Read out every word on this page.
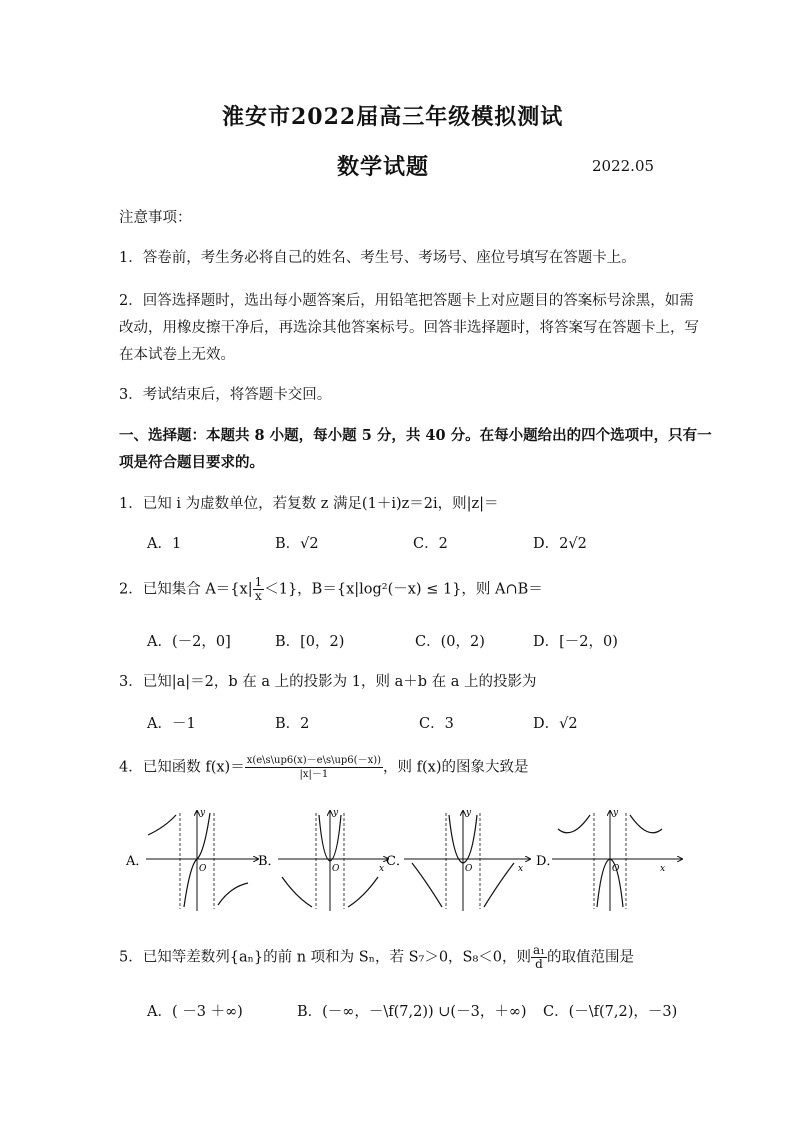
淮安市2022届高三年级模拟测试
数学试题	2022.05
注意事项：
1．答卷前，考生务必将自己的姓名、考生号、考场号、座位号填写在答题卡上。
2．回答选择题时，选出每小题答案后，用铅笔把答题卡上对应题目的答案标号涂黑，如需
改动，用橡皮擦干净后，再选涂其他答案标号。回答非选择题时，将答案写在答题卡上，写
在本试卷上无效。
3．考试结束后，将答题卡交回。
一、选择题：本题共 8 小题，每小题 5 分，共 40 分。在每小题给出的四个选项中，只有一
项是符合题目要求的。
1．已知 i 为虚数单位，若复数 z 满足(1＋i)z＝2i，则|z|＝
A．1	B．√2	C．2	D．2√2
2．已知集合 $A=\{x| \frac{1}{x} <1\}$，B＝{x|log²(－x) ≤ 1}，则 A∩B＝
A．(－2，0]	B．[0，2)	C．(0，2)	D．[－2，0)
3．已知|a|＝2，b 在 a 上的投影为 1，则 a＋b 在 a 上的投影为
A．－1	B．2	C．3	D．√2
4．已知函数 $f(x)= \frac{x(e\backslash s\backslash up6(x)-e\backslash s\backslash up6(-x))}{|x|-1}$ ，则 f(x)的图象大致是
A．
y
O	B．
y
O	x C．
y
O	x D．
y
O	x
5．已知等差数列{aₙ}的前 n 项和为 Sₙ，若 S₇＞0，S₈＜0，则 $\frac{\text{a₁}}{d}$ 的取值范围是
A．( －3 ＋∞)	B．(－∞，－\f(7,2)) ∪(－3，＋∞) C．(－\f(7,2)，－3)
